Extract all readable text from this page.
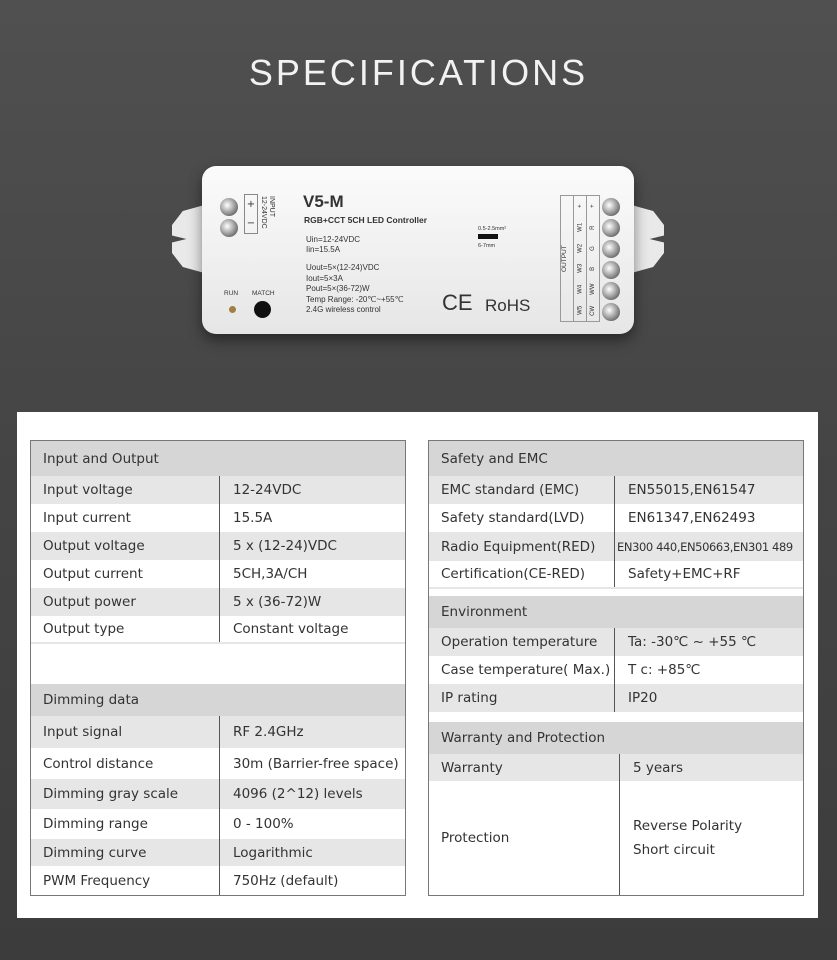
SPECIFICATIONS
+
−
INPUT
12-24VDC V5-M
RGB+CCT 5CH LED Controller
Uin=12-24VDC
Iin=15.5A
Uout=5×(12-24)VDC
Iout=5×3A
Pout=5×(36-72)W
Temp Range: -20℃~+55℃
2.4G wireless control
RUN MATCH
0.5-2.5mm²
6-7mm
CE RoHS
OUTPUT
+
W1
W2
W3
W4
W5
+
R
G
B
WW
CW
Input and Output
Input voltage	12-24VDC
Input current	15.5A
Output voltage	5 x (12-24)VDC
Output current	5CH,3A/CH
Output power	5 x (36-72)W
Output type	Constant voltage
Dimming data
Input signal	RF 2.4GHz
Control distance	30m (Barrier-free space)
Dimming gray scale	4096 (2^12) levels
Dimming range	0 - 100%
Dimming curve	Logarithmic
PWM Frequency	750Hz (default)
Safety and EMC
EMC standard (EMC)	EN55015,EN61547
Safety standard(LVD)	EN61347,EN62493
Radio Equipment(RED) EN300 440,EN50663,EN301 489
Certification(CE-RED)	Safety+EMC+RF
Environment
Operation temperature	Ta: -30℃ ~ +55 ℃
Case temperature( Max.)	T c: +85℃
IP rating	IP20
Warranty and Protection
Warranty	5 years
Protection
Reverse Polarity
Short circuit
